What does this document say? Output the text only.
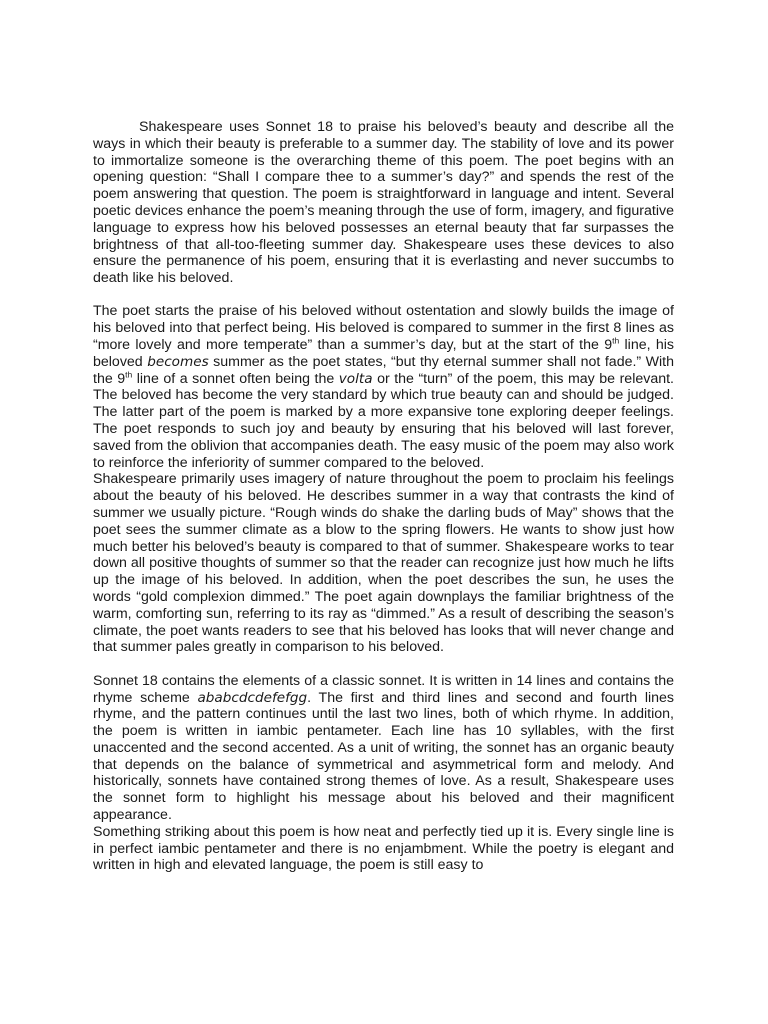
Shakespeare uses Sonnet 18 to praise his beloved’s beauty and describe all the ways in which their beauty is preferable to a summer day. The stability of love and its power to immortalize someone is the overarching theme of this poem. The poet begins with an opening question: “Shall I compare thee to a summer’s day?” and spends the rest of the poem answering that question. The poem is straightforward in language and intent. Several poetic devices enhance the poem’s meaning through the use of form, imagery, and figurative language to express how his beloved possesses an eternal beauty that far surpasses the brightness of that all-too-fleeting summer day. Shakespeare uses these devices to also ensure the permanence of his poem, ensuring that it is everlasting and never succumbs to death like his beloved.

The poet starts the praise of his beloved without ostentation and slowly builds the image of his beloved into that perfect being. His beloved is compared to summer in the first 8 lines as “more lovely and more temperate” than a summer’s day, but at the start of the 9th line, his beloved becomes summer as the poet states, “but thy eternal summer shall not fade.” With the 9th line of a sonnet often being the volta or the “turn” of the poem, this may be relevant. The beloved has become the very standard by which true beauty can and should be judged. The latter part of the poem is marked by a more expansive tone exploring deeper feelings. The poet responds to such joy and beauty by ensuring that his beloved will last forever, saved from the oblivion that accompanies death. The easy music of the poem may also work to reinforce the inferiority of summer compared to the beloved.

Shakespeare primarily uses imagery of nature throughout the poem to proclaim his feelings about the beauty of his beloved. He describes summer in a way that contrasts the kind of summer we usually picture. “Rough winds do shake the darling buds of May” shows that the poet sees the summer climate as a blow to the spring flowers. He wants to show just how much better his beloved’s beauty is compared to that of summer. Shakespeare works to tear down all positive thoughts of summer so that the reader can recognize just how much he lifts up the image of his beloved. In addition, when the poet describes the sun, he uses the words “gold complexion dimmed.” The poet again downplays the familiar brightness of the warm, comforting sun, referring to its ray as “dimmed.” As a result of describing the season’s climate, the poet wants readers to see that his beloved has looks that will never change and that summer pales greatly in comparison to his beloved.

Sonnet 18 contains the elements of a classic sonnet. It is written in 14 lines and contains the rhyme scheme ababcdcdefefgg. The first and third lines and second and fourth lines rhyme, and the pattern continues until the last two lines, both of which rhyme. In addition, the poem is written in iambic pentameter. Each line has 10 syllables, with the first unaccented and the second accented. As a unit of writing, the sonnet has an organic beauty that depends on the balance of symmetrical and asymmetrical form and melody. And historically, sonnets have contained strong themes of love. As a result, Shakespeare uses the sonnet form to highlight his message about his beloved and their magnificent appearance.

Something striking about this poem is how neat and perfectly tied up it is. Every single line is in perfect iambic pentameter and there is no enjambment. While the poetry is elegant and written in high and elevated language, the poem is still easy to
